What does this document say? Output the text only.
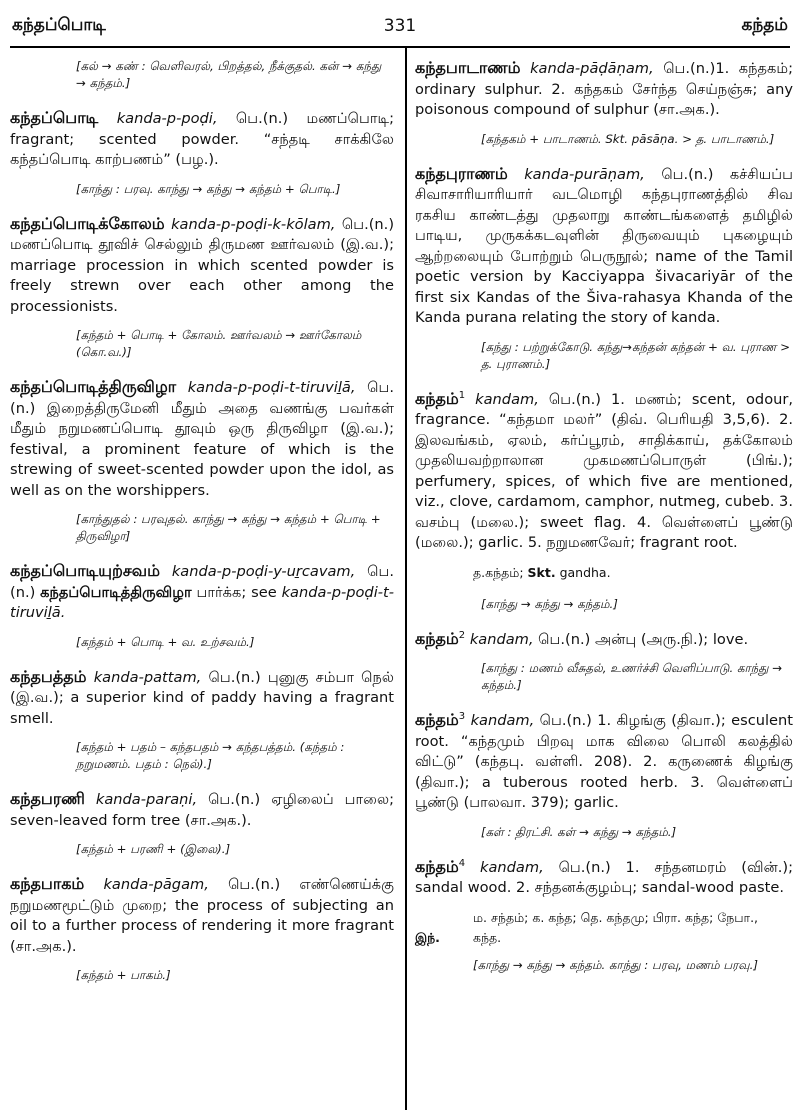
கந்தப்பொடி	331	கந்தம்

[கல் → கண் : வெளிவரல், பிறத்தல், நீக்குதல். கன் → கந்து → கந்தம்.]

கந்தப்பொடி kanda-p-poḍi, பெ.(n.) மணப்பொடி; fragrant; scented powder. “சந்தடி சாக்கிலே கந்தப்பொடி காற்பணம்” (பழ.).

[காந்து : பரவு. காந்து → கந்து → கந்தம் + பொடி.]

கந்தப்பொடிக்கோலம் kanda-p-poḍi-k-kōlam, பெ.(n.) மணப்பொடி தூவிச் செல்லும் திருமண ஊர்வலம் (இ.வ.); marriage procession in which scented powder is freely strewn over each other among the processionists.

[கந்தம் + பொடி + கோலம். ஊர்வலம் → ஊர்கோலம் (கொ.வ.)]

கந்தப்பொடித்திருவிழா kanda-p-poḍi-t-tiruviḻā, பெ.(n.) இறைத்திருமேனி மீதும் அதை வணங்கு பவர்கள் மீதும் நறுமணப்பொடி தூவும் ஒரு திருவிழா (இ.வ.); festival, a prominent feature of which is the strewing of sweet-scented powder upon the idol, as well as on the worshippers.

[காந்துதல் : பரவுதல். காந்து → கந்து → கந்தம் + பொடி + திருவிழா]

கந்தப்பொடியுற்சவம் kanda-p-poḍi-y-uṟcavam, பெ.(n.) கந்தப்பொடித்திருவிழா பார்க்க; see kanda-p-poḍi-t-tiruviḻā.

[கந்தம் + பொடி + வ. உற்சவம்.]

கந்தபத்தம் kanda-pattam, பெ.(n.) புனுகு சம்பா நெல் (இ.வ.); a superior kind of paddy having a fragrant smell.

[கந்தம் + பதம் – கந்தபதம் → கந்தபத்தம். (கந்தம் : நறுமணம். பதம் : நெல்).]

கந்தபரணி kanda-paraṇi, பெ.(n.) ஏழிலைப் பாலை; seven-leaved form tree (சா.அக.).

[கந்தம் + பரணி + (இலை).]

கந்தபாகம் kanda-pāgam, பெ.(n.) எண்ணெய்க்கு நறுமணமூட்டும் முறை; the process of subjecting an oil to a further process of rendering it more fragrant (சா.அக.).

[கந்தம் + பாகம்.]

கந்தபாடாணம் kanda-pāḍāṇam, பெ.(n.)1. கந்தகம்; ordinary sulphur. 2. கந்தகம் சேர்ந்த செய்நஞ்சு; any poisonous compound of sulphur (சா.அக.).

[கந்தகம் + பாடாணம். Skt. pāsāṇa. > த. பாடாணம்.]

கந்தபுராணம் kanda-purāṇam, பெ.(n.) கச்சியப்ப சிவாசாரியாரியார் வடமொழி கந்தபுராணத்தில் சிவ ரகசிய காண்டத்து முதலாறு காண்டங்களைத் தமிழில் பாடிய, முருகக்கடவுளின் திருவையும் புகழையும் ஆற்றலையும் போற்றும் பெருநூல்; name of the Tamil poetic version by Kacciyappa šivacariyār of the first six Kandas of the Šiva-rahasya Khanda of the Kanda purana relating the story of kanda.

[கந்து : பற்றுக்கோடு. கந்து→கந்தன் கந்தன் + வ. புராண > த. புராணம்.]

கந்தம்$^1$ kandam, பெ.(n.) 1. மணம்; scent, odour, fragrance. “கந்தமா மலர்” (திவ். பெரியதி 3,5,6). 2. இலவங்கம், ஏலம், கர்ப்பூரம், சாதிக்காய், தக்கோலம் முதலியவற்றாலான முகமணப்பொருள் (பிங்.); perfumery, spices, of which five are mentioned, viz., clove, cardamom, camphor, nutmeg, cubeb. 3. வசம்பு (மலை.); sweet flag. 4. வெள்ளைப் பூண்டு (மலை.); garlic. 5. நறுமணவேர்; fragrant root.

த.கந்தம்; Skt. gandha.

[காந்து → கந்து → கந்தம்.]

கந்தம்$^2$ kandam, பெ.(n.) அன்பு (அரு.நி.); love.

[காந்து : மணம் வீசுதல், உணர்ச்சி வெளிப்பாடு. காந்து → கந்தம்.]

கந்தம்$^3$ kandam, பெ.(n.) 1. கிழங்கு (திவா.); esculent root. “கந்தமும் பிறவு மாக விலை பொலி கலத்தில் விட்டு” (கந்தபு. வள்ளி. 208). 2. கருணைக் கிழங்கு (திவா.); a tuberous rooted herb. 3. வெள்ளைப் பூண்டு (பாலவா. 379); garlic.

[கள் : திரட்சி. கள் → கந்து → கந்தம்.]

கந்தம்$^4$ kandam, பெ.(n.) 1. சந்தனமரம் (வின்.); sandal wood. 2. சந்தனக்குழம்பு; sandal-wood paste.

ம. சந்தம்; க. கந்த; தெ. கந்தமு; பிரா. கந்த; நேபா.,
இந்.	கந்த.

[காந்து → கந்து → கந்தம். காந்து : பரவு, மணம் பரவு.]
